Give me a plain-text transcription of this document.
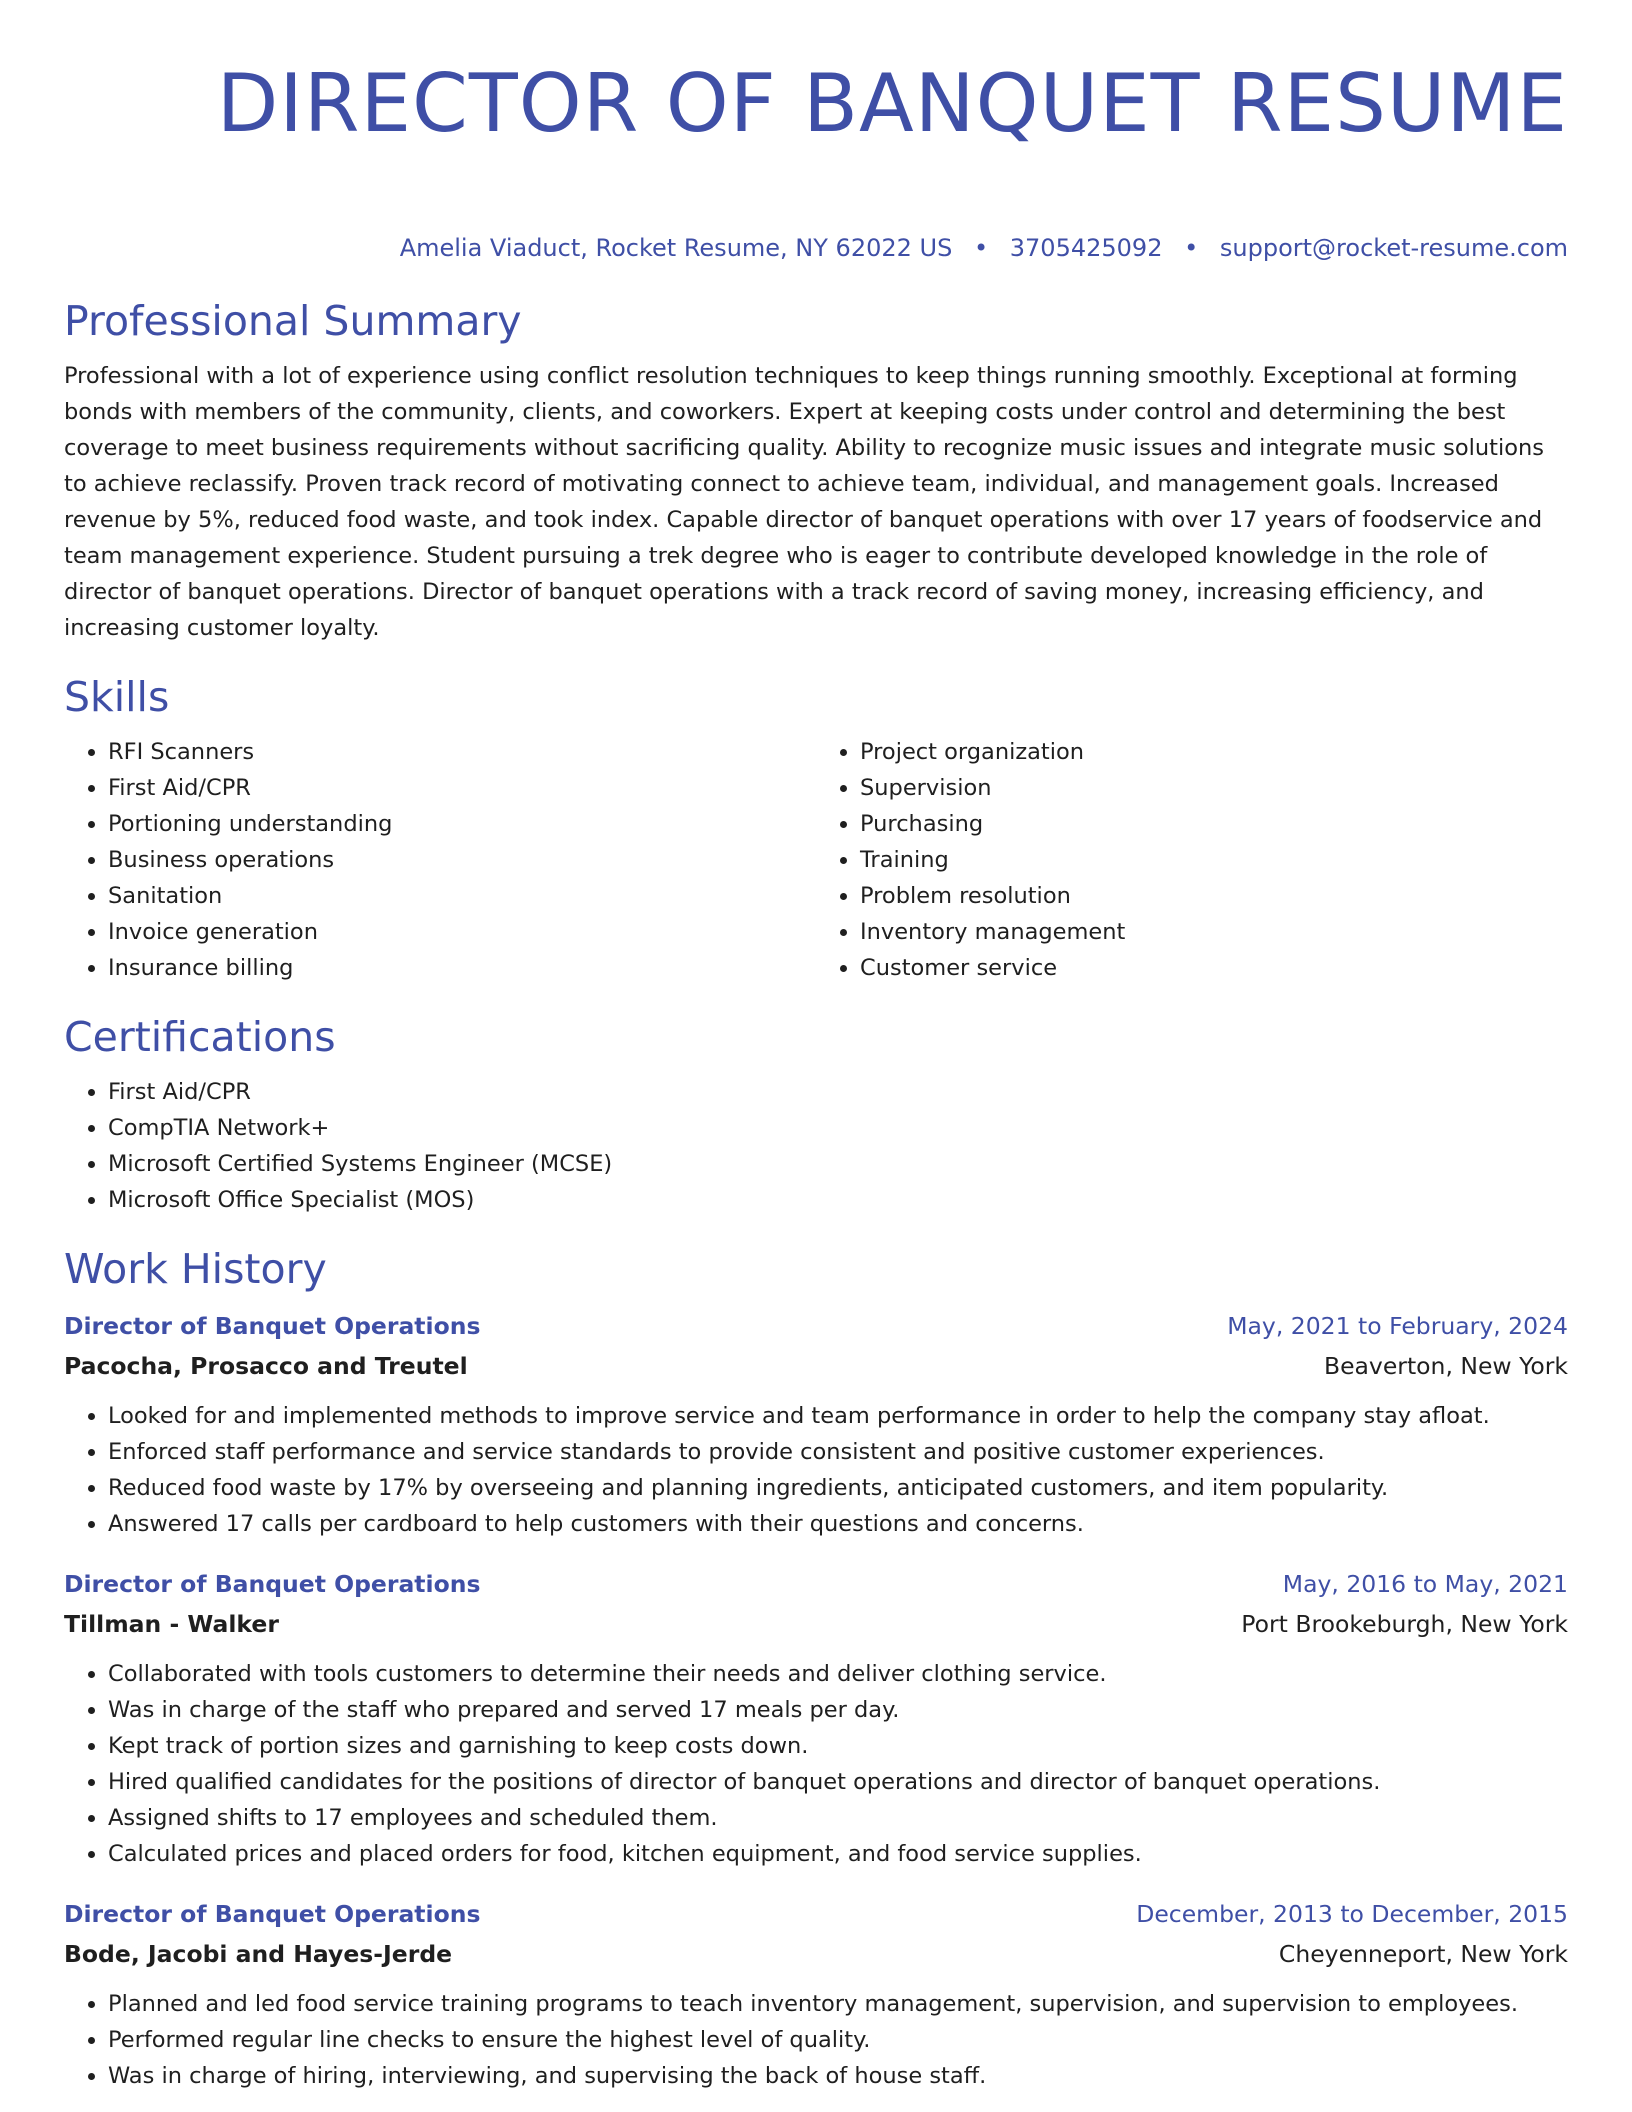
DIRECTOR OF BANQUET RESUME
Amelia Viaduct, Rocket Resume, NY 62022 US • 3705425092 • support@rocket-resume.com
Professional Summary

Professional with a lot of experience using conflict resolution techniques to keep things running smoothly. Exceptional at forming bonds with members of the community, clients, and coworkers. Expert at keeping costs under control and determining the best coverage to meet business requirements without sacrificing quality. Ability to recognize music issues and integrate music solutions to achieve reclassify. Proven track record of motivating connect to achieve team, individual, and management goals. Increased revenue by 5%, reduced food waste, and took index. Capable director of banquet operations with over 17 years of foodservice and team management experience. Student pursuing a trek degree who is eager to contribute developed knowledge in the role of director of banquet operations. Director of banquet operations with a track record of saving money, increasing efficiency, and increasing customer loyalty.

Skills
• RFI Scanners
• First Aid/CPR
• Portioning understanding
• Business operations
• Sanitation
• Invoice generation
• Insurance billing
• Project organization
• Supervision
• Purchasing
• Training
• Problem resolution
• Inventory management
• Customer service
Certifications
• First Aid/CPR
• CompTIA Network+
• Microsoft Certified Systems Engineer (MCSE)
• Microsoft Office Specialist (MOS)
Work History
Director of Banquet Operations	May, 2021 to February, 2024
Pacocha, Prosacco and Treutel	Beaverton, New York
• Looked for and implemented methods to improve service and team performance in order to help the company stay afloat.
• Enforced staff performance and service standards to provide consistent and positive customer experiences.
• Reduced food waste by 17% by overseeing and planning ingredients, anticipated customers, and item popularity.
• Answered 17 calls per cardboard to help customers with their questions and concerns.
Director of Banquet Operations	May, 2016 to May, 2021
Tillman - Walker	Port Brookeburgh, New York
• Collaborated with tools customers to determine their needs and deliver clothing service.
• Was in charge of the staff who prepared and served 17 meals per day.
• Kept track of portion sizes and garnishing to keep costs down.
• Hired qualified candidates for the positions of director of banquet operations and director of banquet operations.
• Assigned shifts to 17 employees and scheduled them.
• Calculated prices and placed orders for food, kitchen equipment, and food service supplies.
Director of Banquet Operations	December, 2013 to December, 2015
Bode, Jacobi and Hayes-Jerde	Cheyenneport, New York
• Planned and led food service training programs to teach inventory management, supervision, and supervision to employees.
• Performed regular line checks to ensure the highest level of quality.
• Was in charge of hiring, interviewing, and supervising the back of house staff.
